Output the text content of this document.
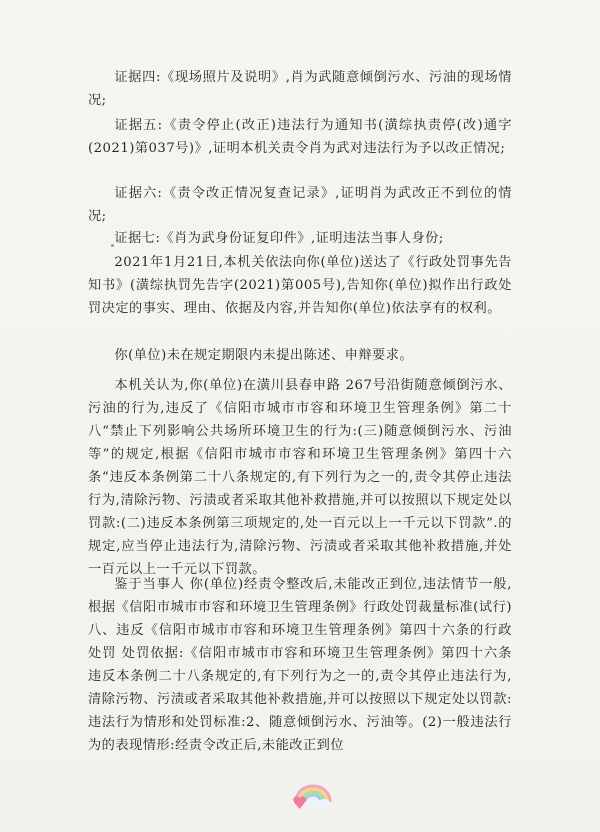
证据四:《现场照片及说明》,肖为武随意倾倒污水、污油的现场情况;

证据五:《责令停止(改正)违法行为通知书(潢综执责停(改)通字(2021)第037号)》,证明本机关责令肖为武对违法行为予以改正情况;

证据六:《责令改正情况复查记录》,证明肖为武改正不到位的情况;

证据七:《肖为武身份证复印件》,证明违法当事人身份;

2021年1月21日,本机关依法向你(单位)送达了《行政处罚事先告知书》(潢综执罚先告字(2021)第005号),告知你(单位)拟作出行政处罚决定的事实、理由、依据及内容,并告知你(单位)依法享有的权利。

你(单位)未在规定期限内未提出陈述、申辩要求。

本机关认为,你(单位)在潢川县春申路 267号沿街随意倾倒污水、污油的行为,违反了《信阳市城市市容和环境卫生管理条例》第二十八“禁止下列影响公共场所环境卫生的行为:(三)随意倾倒污水、污油等”的规定,根据《信阳市城市市容和环境卫生管理条例》第四十六条“违反本条例第二十八条规定的,有下列行为之一的,责令其停止违法行为,清除污物、污渍或者采取其他补救措施,并可以按照以下规定处以罚款:(二)违反本条例第三项规定的,处一百元以上一千元以下罚款”.的规定,应当停止违法行为,清除污物、污渍或者采取其他补救措施,并处一百元以上一千元以下罚款。

鉴于当事人 你(单位)经责令整改后,未能改正到位,违法情节一般,根据《信阳市城市市容和环境卫生管理条例》行政处罚裁量标准(试行)八、违反《信阳市城市市容和环境卫生管理条例》第四十六条的行政处罚 处罚依据:《信阳市城市市容和环境卫生管理条例》第四十六条 违反本条例二十八条规定的,有下列行为之一的,责令其停止违法行为,清除污物、污渍或者采取其他补救措施,并可以按照以下规定处以罚款:违法行为情形和处罚标准:2、随意倾倒污水、污油等。(2)一般违法行为的表现情形:经责令改正后,未能改正到位
